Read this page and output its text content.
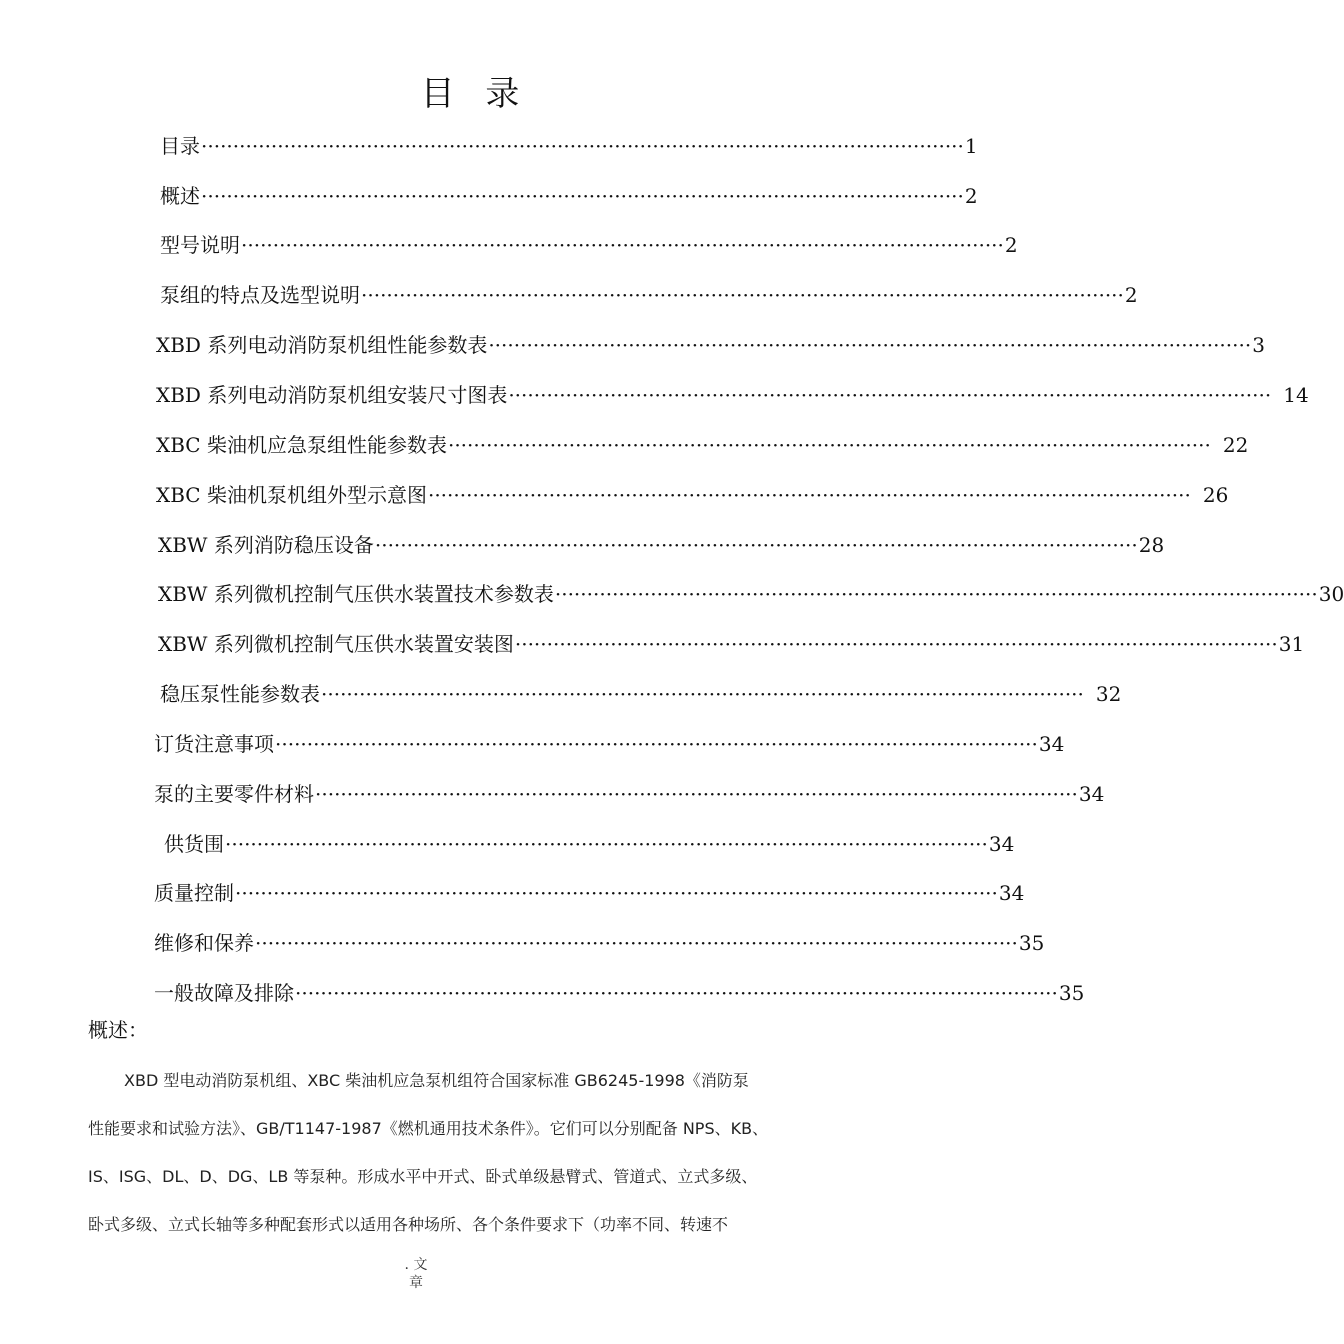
目 录
目录 ························································································································ 1
概述 ························································································································ 2
型号说明 ························································································································ 2
泵组的特点及选型说明 ························································································································ 2
XBD 系列电动消防泵机组性能参数表 ························································································································ 3
XBD 系列电动消防泵机组安装尺寸图表 ························································································································ 14
XBC 柴油机应急泵组性能参数表 ························································································································ 22
XBC 柴油机泵机组外型示意图 ························································································································ 26
XBW 系列消防稳压设备 ························································································································ 28
XBW 系列微机控制气压供水装置技术参数表 ························································································································ 30
XBW 系列微机控制气压供水装置安装图 ························································································································ 31
稳压泵性能参数表 ························································································································ 32
订货注意事项 ························································································································ 34
泵的主要零件材料 ························································································································ 34
供货围 ························································································································ 34
质量控制 ························································································································ 34
维修和保养 ························································································································ 35
一般故障及排除 ························································································································ 35
概述：
XBD 型电动消防泵机组、XBC 柴油机应急泵机组符合国家标准 GB6245-1998《消防泵
性能要求和试验方法》、GB/T1147-1987《燃机通用技术条件》。它们可以分别配备 NPS、KB、
IS、ISG、DL、D、DG、LB 等泵种。形成水平中开式、卧式单级悬臂式、管道式、立式多级、
卧式多级、立式长轴等多种配套形式以适用各种场所、各个条件要求下（功率不同、转速不
. 文
章
